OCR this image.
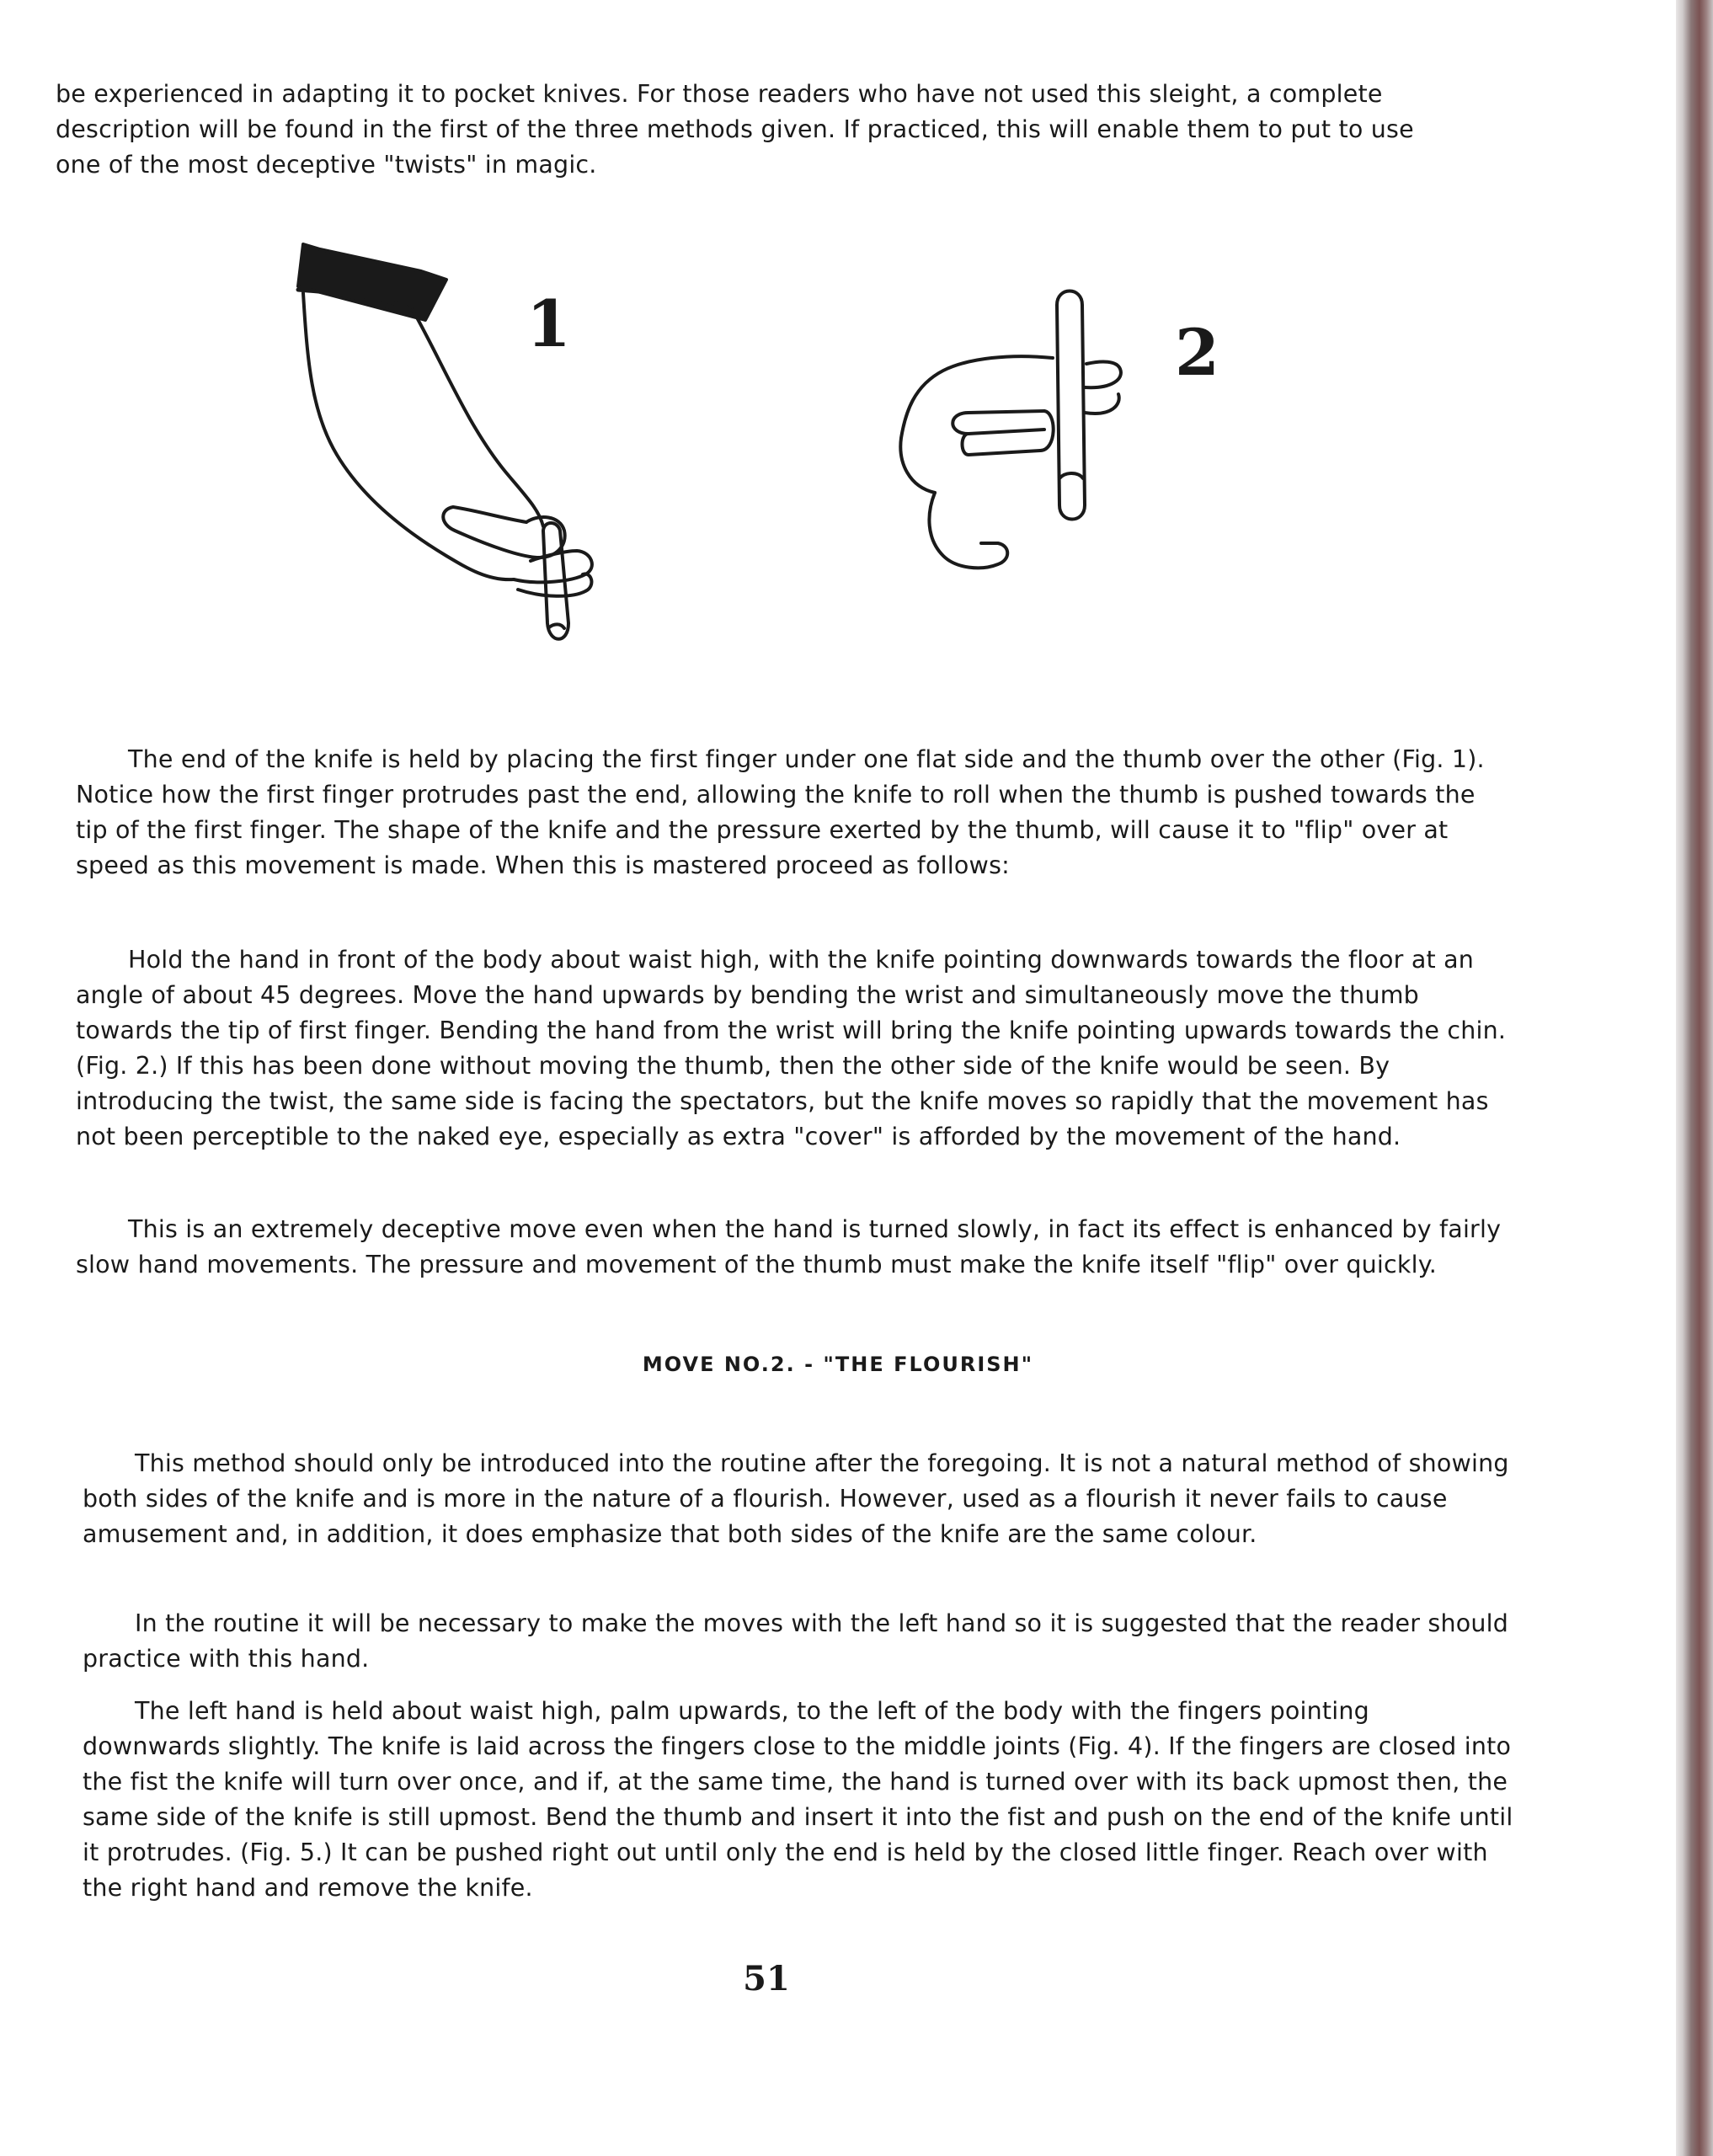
be experienced in adapting it to pocket knives. For those readers who have not used this sleight, a complete description will be found in the first of the three methods given. If practiced, this will enable them to put to use one of the most deceptive "twists" in magic.

1	2

The end of the knife is held by placing the first finger under one flat side and the thumb over the other (Fig. 1). Notice how the first finger protrudes past the end, allowing the knife to roll when the thumb is pushed towards the tip of the first finger. The shape of the knife and the pressure exerted by the thumb, will cause it to "flip" over at speed as this movement is made. When this is mastered proceed as follows:

Hold the hand in front of the body about waist high, with the knife pointing downwards towards the floor at an angle of about 45 degrees. Move the hand upwards by bending the wrist and simultaneously move the thumb towards the tip of first finger. Bending the hand from the wrist will bring the knife pointing upwards towards the chin. (Fig. 2.) If this has been done without moving the thumb, then the other side of the knife would be seen. By introducing the twist, the same side is facing the spectators, but the knife moves so rapidly that the movement has not been perceptible to the naked eye, especially as extra "cover" is afforded by the movement of the hand.

This is an extremely deceptive move even when the hand is turned slowly, in fact its effect is enhanced by fairly slow hand movements. The pressure and movement of the thumb must make the knife itself "flip" over quickly.

MOVE NO.2. - "THE FLOURISH"

This method should only be introduced into the routine after the foregoing. It is not a natural method of showing both sides of the knife and is more in the nature of a flourish. However, used as a flourish it never fails to cause amusement and, in addition, it does emphasize that both sides of the knife are the same colour.

In the routine it will be necessary to make the moves with the left hand so it is suggested that the reader should practice with this hand.

The left hand is held about waist high, palm upwards, to the left of the body with the fingers pointing downwards slightly. The knife is laid across the fingers close to the middle joints (Fig. 4). If the fingers are closed into the fist the knife will turn over once, and if, at the same time, the hand is turned over with its back upmost then, the same side of the knife is still upmost. Bend the thumb and insert it into the fist and push on the end of the knife until it protrudes. (Fig. 5.) It can be pushed right out until only the end is held by the closed little finger. Reach over with the right hand and remove the knife.

51
